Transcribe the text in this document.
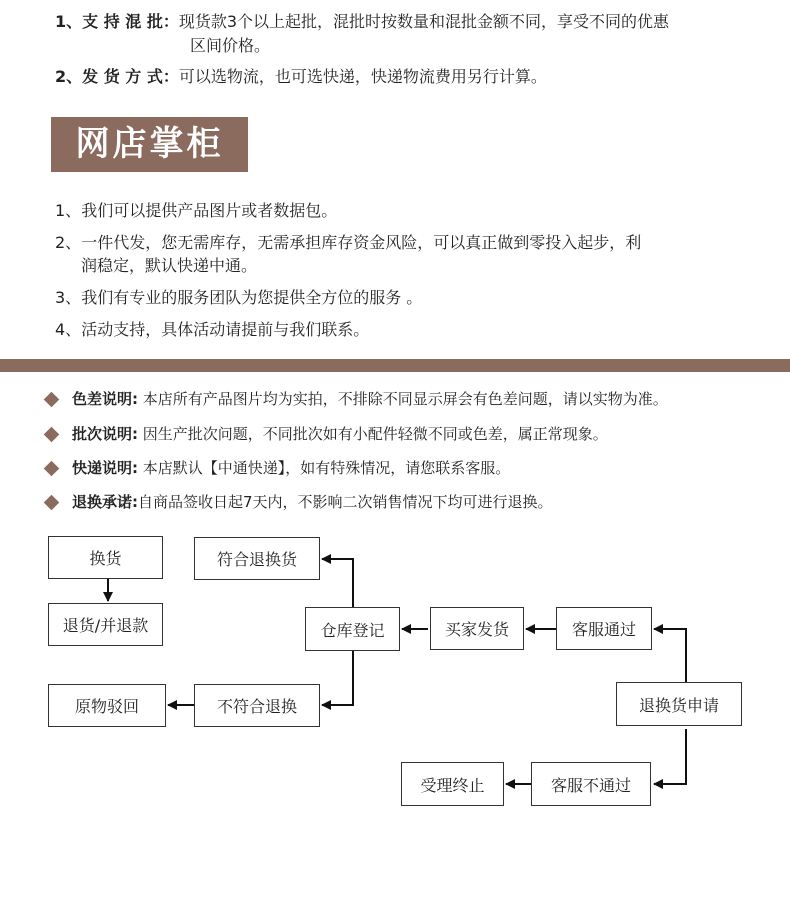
1、支 持 混 批：现货款3个以上起批，混批时按数量和混批金额不同，享受不同的优惠
区间价格。
2、发 货 方 式：可以选物流，也可选快递，快递物流费用另行计算。
网店掌柜
1、我们可以提供产品图片或者数据包。
2、一件代发，您无需库存，无需承担库存资金风险，可以真正做到零投入起步，利
润稳定，默认快递中通。
3、我们有专业的服务团队为您提供全方位的服务 。
4、活动支持，具体活动请提前与我们联系。
色差说明: 本店所有产品图片均为实拍，不排除不同显示屏会有色差问题，请以实物为准。
批次说明: 因生产批次问题，不同批次如有小配件轻微不同或色差，属正常现象。
快递说明: 本店默认【中通快递】，如有特殊情况，请您联系客服。
退换承诺:自商品签收日起7天内，不影响二次销售情况下均可进行退换。
换货
退货/并退款
符合退换货
仓库登记	买家发货	客服通过
原物驳回	不符合退换	退换货申请
受理终止	客服不通过
